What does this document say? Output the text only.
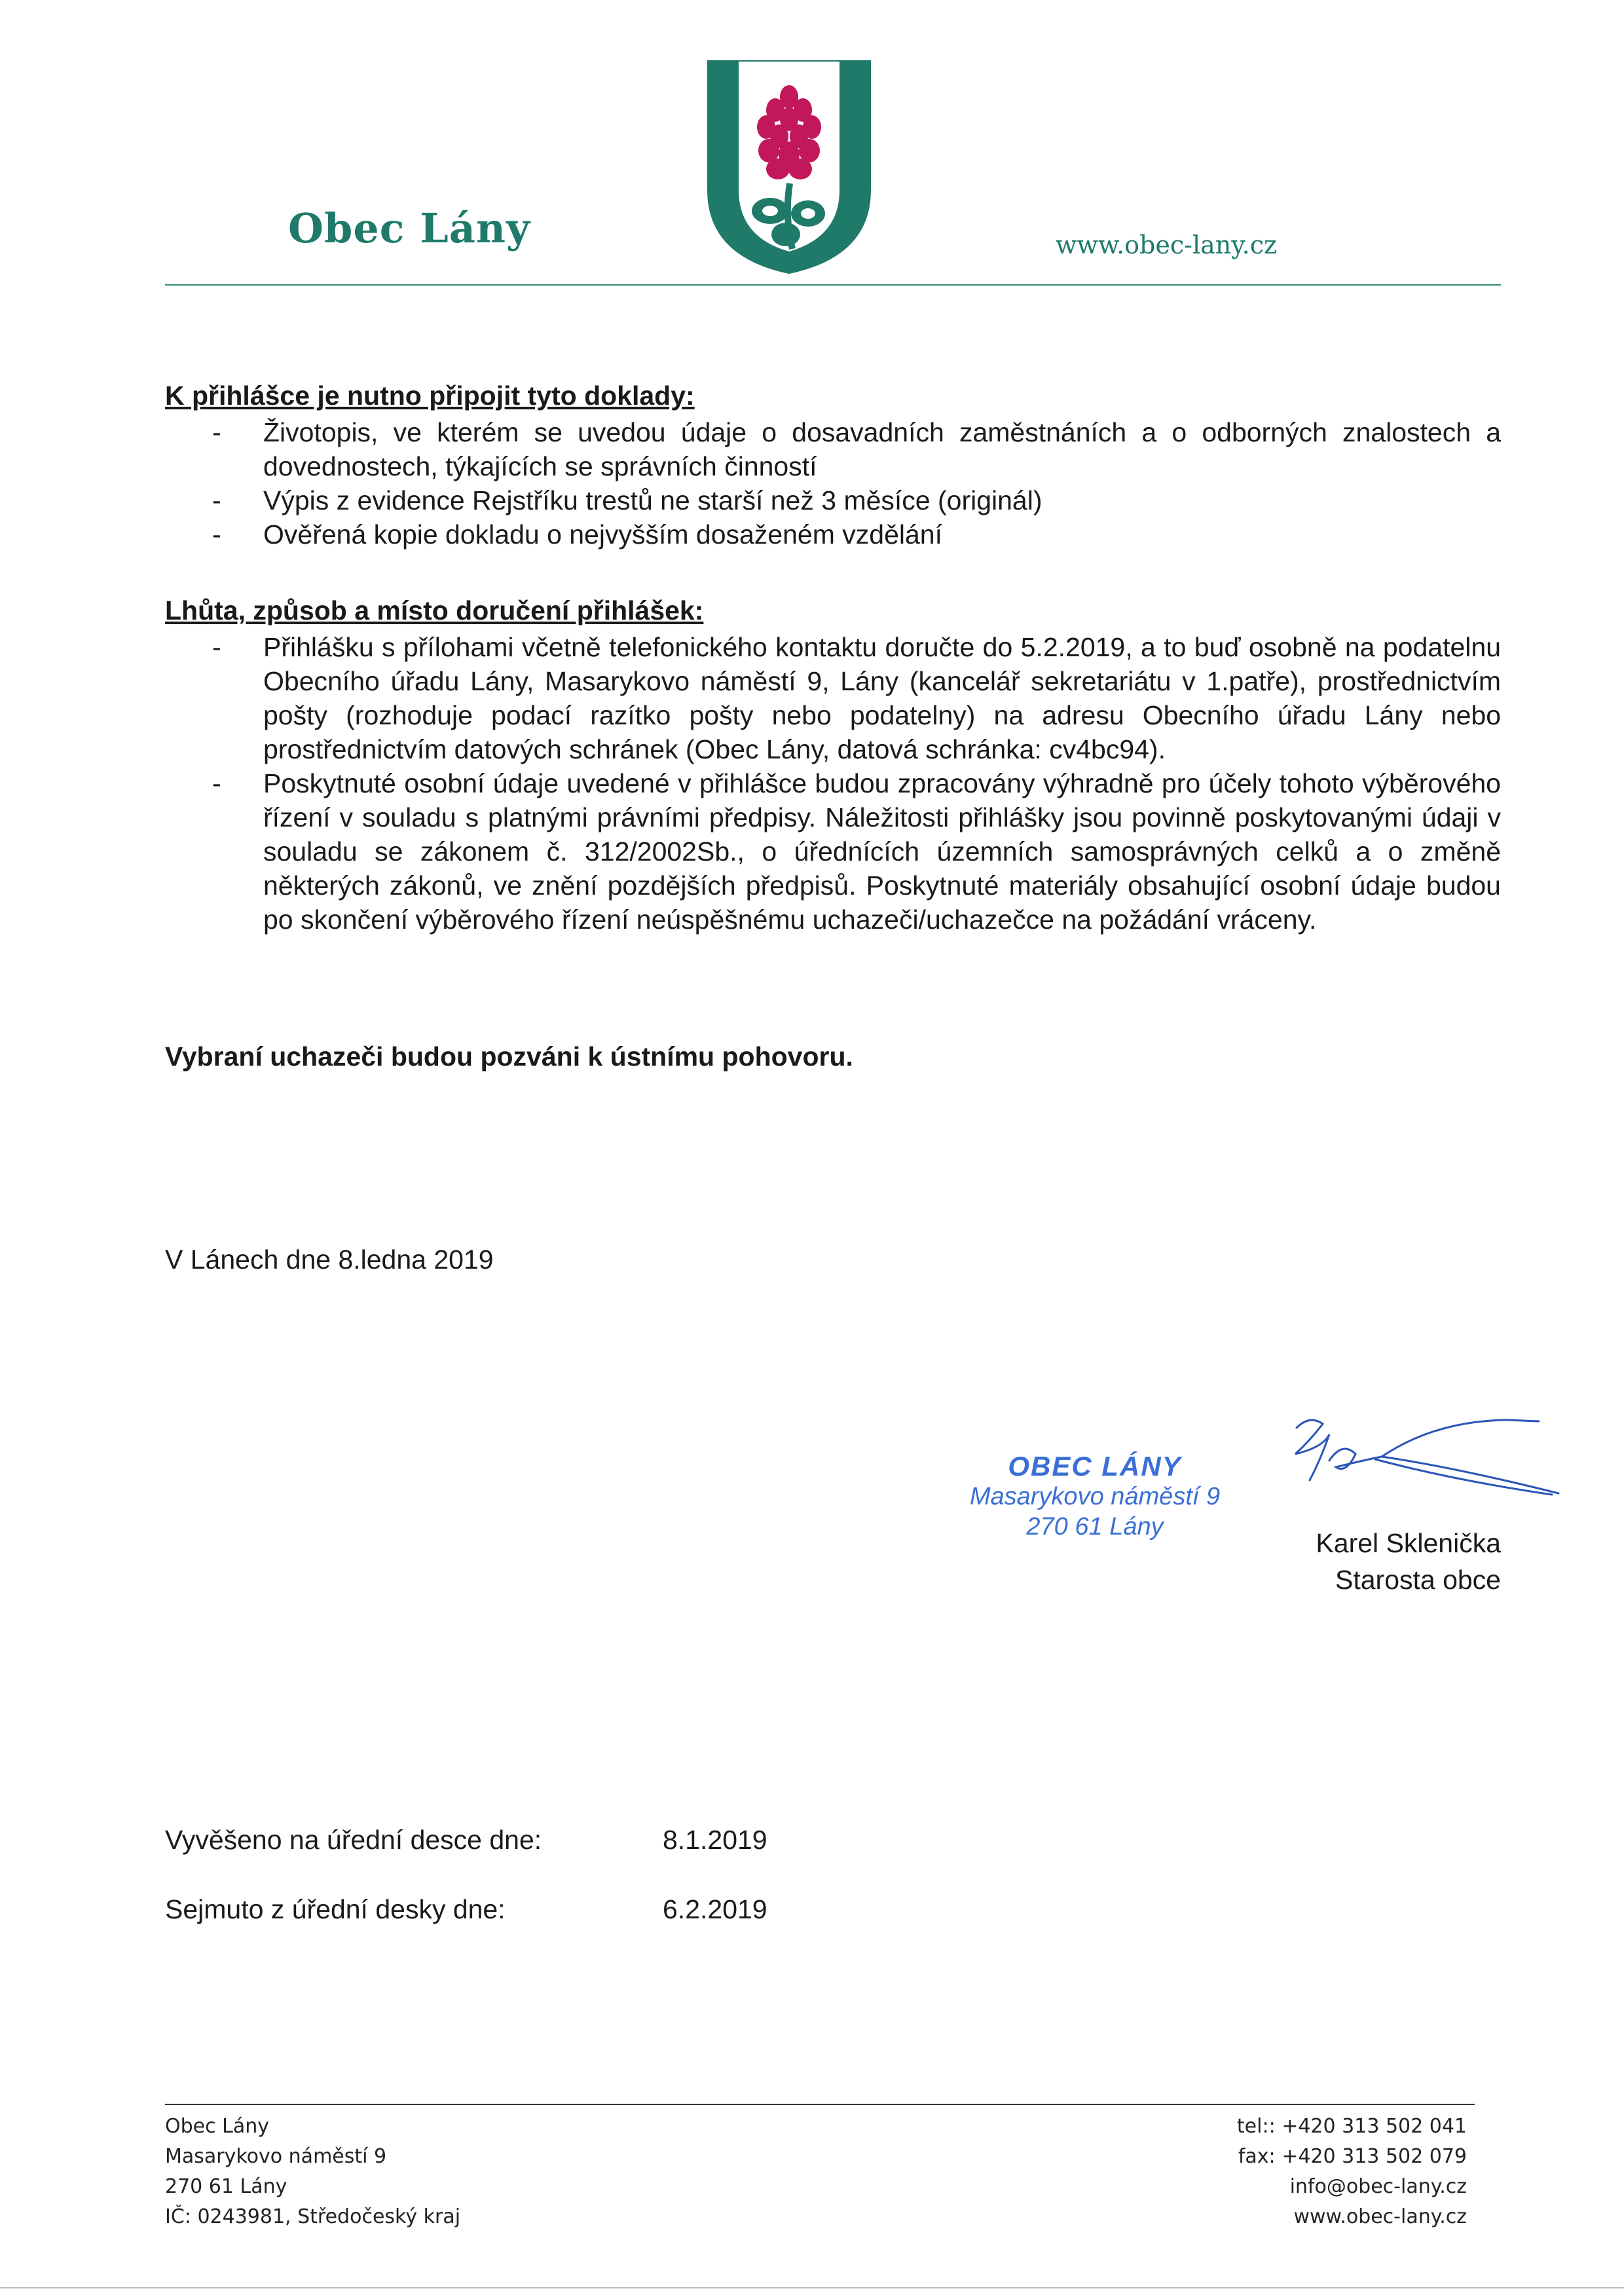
Obec Lány	www.obec-lany.cz
K přihlášce je nutno připojit tyto doklady:
- Životopis, ve kterém se uvedou údaje o dosavadních zaměstnáních a o odborných znalostech a dovednostech, týkajících se správních činností
- Výpis z evidence Rejstříku trestů ne starší než 3 měsíce (originál)
- Ověřená kopie dokladu o nejvyšším dosaženém vzdělání
Lhůta, způsob a místo doručení přihlášek:
- Přihlášku s přílohami včetně telefonického kontaktu doručte do 5.2.2019, a to buď osobně na podatelnu Obecního úřadu Lány, Masarykovo náměstí 9, Lány (kancelář sekretariátu v 1.patře), prostřednictvím pošty (rozhoduje podací razítko pošty nebo podatelny) na adresu Obecního úřadu Lány nebo prostřednictvím datových schránek (Obec Lány, datová schránka: cv4bc94).
- Poskytnuté osobní údaje uvedené v přihlášce budou zpracovány výhradně pro účely tohoto výběrového řízení v souladu s platnými právními předpisy. Náležitosti přihlášky jsou povinně poskytovanými údaji v souladu se zákonem č. 312/2002Sb., o úřednících územních samosprávných celků a o změně některých zákonů, ve znění pozdějších předpisů. Poskytnuté materiály obsahující osobní údaje budou po skončení výběrového řízení neúspěšnému uchazeči/uchazečce na požádání vráceny.
Vybraní uchazeči budou pozváni k ústnímu pohovoru.
V Lánech dne 8.ledna 2019
OBEC LÁNY
Masarykovo náměstí 9
270 61 Lány
Karel Sklenička
Starosta obce
Vyvěšeno na úřední desce dne:	8.1.2019
Sejmuto z úřední desky dne:	6.2.2019
Obec Lány
Masarykovo náměstí 9
270 61 Lány
IČ: 0243981, Středočeský kraj
tel:: +420 313 502 041
fax: +420 313 502 079
info@obec-lany.cz
www.obec-lany.cz
